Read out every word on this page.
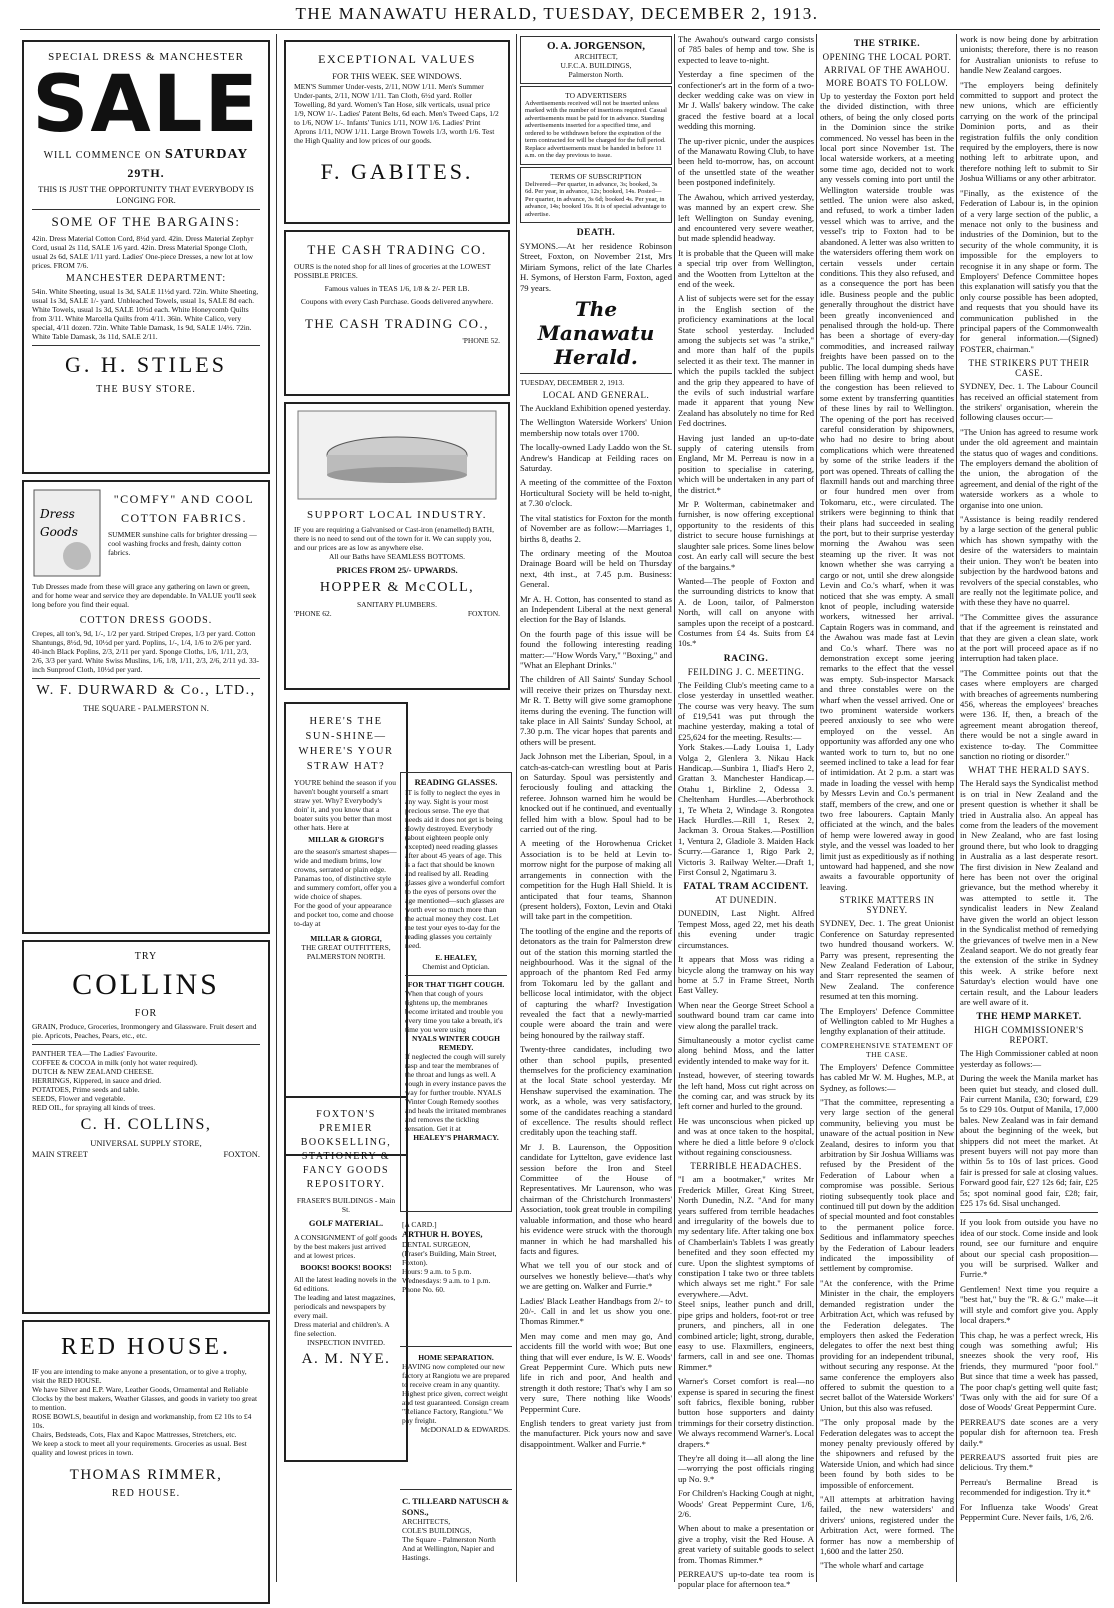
THE MANAWATU HERALD, TUESDAY, DECEMBER 2, 1913.
SPECIAL DRESS & MANCHESTER
SALE
WILL COMMENCE ON SATURDAY
29TH.
THIS IS JUST THE OPPORTUNITY THAT EVERYBODY IS LONGING FOR.
SOME OF THE BARGAINS:
42in. Dress Material Cotton Cord, 8½d yard. 42in. Dress Material Zephyr Cord, usual 2s 11d, SALE 1/6 yard. 42in. Dress Material Sponge Cloth, usual 2s 6d, SALE 1/11 yard. Ladies' One-piece Dresses, a new lot at low prices. FROM 7/6.
MANCHESTER DEPARTMENT:
54in. White Sheeting, usual 1s 3d, SALE 11½d yard. 72in. White Sheeting, usual 1s 3d, SALE 1/- yard. Unbleached Towels, usual 1s, SALE 8d each. White Towels, usual 1s 3d, SALE 10½d each. White Honeycomb Quilts from 3/11. White Marcella Quilts from 4/11. 36in. White Calico, very special, 4/11 dozen. 72in. White Table Damask, 1s 9d, SALE 1/4½. 72in. White Table Damask, 3s 11d, SALE 2/11.
G. H. STILES
THE BUSY STORE.
Dress
Goods
"COMFY" AND COOL
COTTON FABRICS.
SUMMER sunshine calls for brighter dressing — cool washing frocks and fresh, dainty cotton fabrics.
Tub Dresses made from these will grace any gathering on lawn or green, and for home wear and service they are dependable. In VALUE you'll seek long before you find their equal.
COTTON DRESS GOODS.
Crepes, all ton's, 9d, 1/-, 1/2 per yard. Striped Crepes, 1/3 per yard. Cotton Shantungs, 8½d, 9d, 10½d per yard. Poplins, 1/-, 1/4, 1/6 to 2/6 per yard. 40-inch Black Poplins, 2/3, 2/11 per yard. Sponge Cloths, 1/6, 1/11, 2/3, 2/6, 3/3 per yard. White Swiss Muslins, 1/6, 1/8, 1/11, 2/3, 2/6, 2/11 yd. 33-inch Sunproof Cloth, 10½d per yard.
W. F. DURWARD & Co., LTD.,
THE SQUARE - PALMERSTON N.
TRY
COLLINS
FOR
GRAIN, Produce, Groceries, Ironmongery and Glassware. Fruit desert and pie. Apricots, Peaches, Pears, etc., etc.
PANTHER TEA—The Ladies' Favourite.
COFFEE & COCOA in milk (only hot water required).
DUTCH & NEW ZEALAND CHEESE.
HERRINGS, Kippered, in sauce and dried.
POTATOES, Prime seeds and table.
SEEDS, Flower and vegetable.
RED OIL, for spraying all kinds of trees.
C. H. COLLINS,
UNIVERSAL SUPPLY STORE,
MAIN STREET	FOXTON.
RED HOUSE.
IF you are intending to make anyone a presentation, or to give a trophy, visit the RED HOUSE.
We have Silver and E.P. Ware, Leather Goods, Ornamental and Reliable Clocks by the best makers, Weather Glasses, and goods in variety too great to mention.
ROSE BOWLS, beautiful in design and workmanship, from £2 10s to £4 10s.
Chairs, Bedsteads, Cots, Flax and Kapoc Mattresses, Stretchers, etc.
We keep a stock to meet all your requirements. Groceries as usual. Best quality and lowest prices in town.
THOMAS RIMMER,
RED HOUSE.
EXCEPTIONAL VALUES
FOR THIS WEEK. SEE WINDOWS.
MEN'S Summer Under-vests, 2/11, NOW 1/11. Men's Summer Under-pants, 2/11, NOW 1/11. Tan Cloth, 6½d yard. Roller Towelling, 8d yard. Women's Tan Hose, silk verticals, usual price 1/9, NOW 1/-. Ladies' Patent Belts, 6d each. Men's Tweed Caps, 1/2 to 1/6, NOW 1/-. Infants' Tunics 1/11, NOW 1/6. Ladies' Print Aprons 1/11, NOW 1/11. Large Brown Towels 1/3, worth 1/6. Test the High Quality and low prices of our goods.
F. GABITES.
THE CASH TRADING CO.
OURS is the noted shop for all lines of groceries at the LOWEST POSSIBLE PRICES.
Famous values in TEAS 1/6, 1/8 & 2/- PER LB.
Coupons with every Cash Purchase. Goods delivered anywhere.
THE CASH TRADING CO.,
'PHONE 52.
SUPPORT LOCAL INDUSTRY.
IF you are requiring a Galvanised or Cast-iron (enamelled) BATH, there is no need to send out of the town for it. We can supply you, and our prices are as low as anywhere else.
All our Baths have SEAMLESS BOTTOMS.
PRICES FROM 25/- UPWARDS.
HOPPER & McCOLL,
SANITARY PLUMBERS.
'PHONE 62.	FOXTON.
HERE'S THE SUN-SHINE— WHERE'S YOUR STRAW HAT?
YOU'RE behind the season if you haven't bought yourself a smart straw yet. Why? Everybody's doin' it, and you know that a boater suits you better than most other hats. Here at
MILLAR & GIORGI'S
are the season's smartest shapes—wide and medium brims, low crowns, serrated or plain edge.
Panamas too, of distinctive style and summery comfort, offer you a wide choice of shapes.
For the good of your appearance and pocket too, come and choose to-day at
MILLAR & GIORGI,
THE GREAT OUTFITTERS,
PALMERSTON NORTH.
FOXTON'S PREMIER BOOKSELLING, STATIONERY & FANCY GOODS REPOSITORY.
FRASER'S BUILDINGS - Main St.
GOLF MATERIAL.
A CONSIGNMENT of golf goods by the best makers just arrived and at lowest prices.
BOOKS! BOOKS! BOOKS!
All the latest leading novels in the 6d editions.
The leading and latest magazines, periodicals and newspapers by every mail.
Dress material and children's. A fine selection.
INSPECTION INVITED.
A. M. NYE.
READING GLASSES.
IT is folly to neglect the eyes in any way. Sight is your most precious sense. The eye that needs aid it does not get is being slowly destroyed. Everybody (about eighteen people only excepted) need reading glasses after about 45 years of age. This is a fact that should be known and realised by all. Reading glasses give a wonderful comfort to the eyes of persons over the age mentioned—such glasses are worth ever so much more than the actual money they cost. Let me test your eyes to-day for the reading glasses you certainly need.
E. HEALEY,
Chemist and Optician.
FOR THAT TIGHT COUGH.
When that cough of yours tightens up, the membranes become irritated and trouble you every time you take a breath, it's time you were using
NYALS WINTER COUGH REMEDY.
If neglected the cough will surely rasp and tear the membranes of the throat and lungs as well. A cough in every instance paves the way for further trouble. NYALS Winter Cough Remedy soothes and heals the irritated membranes and removes the tickling sensation. Get it at
HEALEY'S PHARMACY.
[A CARD.]
ARTHUR H. BOYES,
DENTAL SURGEON,
(Fraser's Building, Main Street, Foxton).
Hours: 9 a.m. to 5 p.m. Wednesdays: 9 a.m. to 1 p.m.
Phone No. 60.
HOME SEPARATION.
HAVING now completed our new factory at Rangiotu we are prepared to receive cream in any quantity. Highest price given, correct weight and test guaranteed. Consign cream "Reliance Factory, Rangiotu." We pay freight.
McDONALD & EDWARDS.
C. TILLEARD NATUSCH & SONS.,
ARCHITECTS,
COLE'S BUILDINGS,
The Square - Palmerston North
And at Wellington, Napier and Hastings.
O. A. JORGENSON,
ARCHITECT,
U.F.C.A. BUILDINGS,
Palmerston North.
TO ADVERTISERS
Advertisements received will not be inserted unless marked with the number of insertions required. Casual advertisements must be paid for in advance. Standing advertisements inserted for a specified time, and ordered to be withdrawn before the expiration of the term contracted for will be charged for the full period. Replace advertisements must be handed in before 11 a.m. on the day previous to issue.
TERMS OF SUBSCRIPTION
Delivered—Per quarter, in advance, 3s; booked, 3s 6d. Per year, in advance, 12s; booked, 14s. Posted—Per quarter, in advance, 3s 6d; booked 4s. Per year, in advance, 14s; booked 16s. It is of special advantage to advertise.
DEATH.
SYMONS.—At her residence Robinson Street, Foxton, on November 21st, Mrs Miriam Symons, relict of the late Charles H. Symons, of Herston Farm, Foxton, aged 79 years.
The Manawatu Herald.
TUESDAY, DECEMBER 2, 1913.
LOCAL AND GENERAL.

The Auckland Exhibition opened yesterday.

The Wellington Waterside Workers' Union membership now totals over 1700.

The locally-owned Lady Laddo won the St. Andrew's Handicap at Feilding races on Saturday.

A meeting of the committee of the Foxton Horticultural Society will be held to-night, at 7.30 o'clock.

The vital statistics for Foxton for the month of November are as follow:—Marriages 1, births 8, deaths 2.

The ordinary meeting of the Moutoa Drainage Board will be held on Thursday next, 4th inst., at 7.45 p.m. Business: General.

Mr A. H. Cotton, has consented to stand as an Independent Liberal at the next general election for the Bay of Islands.

On the fourth page of this issue will be found the following interesting reading matter:—"How Words Vary," "Boxing," and "What an Elephant Drinks."

The children of All Saints' Sunday School will receive their prizes on Thursday next. Mr R. T. Betty will give some gramophone items during the evening. The function will take place in All Saints' Sunday School, at 7.30 p.m. The vicar hopes that parents and others will be present.

Jack Johnson met the Liberian, Spoul, in a catch-as-catch-can wrestling bout at Paris on Saturday. Spoul was persistently and ferociously fouling and attacking the referee. Johnson warned him he would be knocked out if he continued, and eventually felled him with a blow. Spoul had to be carried out of the ring.

A meeting of the Horowhenua Cricket Association is to be held at Levin to-morrow night for the purpose of making all arrangements in connection with the competition for the Hugh Hall Shield. It is anticipated that four teams, Shannon (present holders), Foxton, Levin and Otaki will take part in the competition.

The tootling of the engine and the reports of detonators as the train for Palmerston drew out of the station this morning startled the neighbourhood. Was it the signal of the approach of the phantom Red Fed army from Tokomaru led by the gallant and bellicose local intimidator, with the object of capturing the wharf? Investigation revealed the fact that a newly-married couple were aboard the train and were being honoured by the railway staff.

Twenty-three candidates, including two other than school pupils, presented themselves for the proficiency examination at the local State school yesterday. Mr Henshaw supervised the examination. The work, as a whole, was very satisfactory, some of the candidates reaching a standard of excellence. The results should reflect creditably upon the teaching staff.

Mr J. B. Laurenson, the Opposition candidate for Lyttelton, gave evidence last session before the Iron and Steel Committee of the House of Representatives. Mr Laurenson, who was chairman of the Christchurch Ironmasters' Association, took great trouble in compiling valuable information, and those who heard his evidence were struck with the thorough manner in which he had marshalled his facts and figures.

What we tell you of our stock and of ourselves we honestly believe—that's why we are getting on. Walker and Furrie.*

Ladies' Black Leather Handbags from 2/- to 20/-. Call in and let us show you one. Thomas Rimmer.*

Men may come and men may go, And accidents fill the world with woe; But one thing that will ever endure, Is W. E. Woods' Great Peppermint Cure. Which puts new life in rich and poor, And health and strength it doth restore; That's why I am so very sure, There nothing like Woods' Peppermint Cure.

English tenders to great variety just from the manufacturer. Pick yours now and save disappointment. Walker and Furrie.*

The Awahou's outward cargo consists of 785 bales of hemp and tow. She is expected to leave to-night.

Yesterday a fine specimen of the confectioner's art in the form of a two-decker wedding cake was on view in Mr J. Walls' bakery window. The cake graced the festive board at a local wedding this morning.

The up-river picnic, under the auspices of the Manawatu Rowing Club, to have been held to-morrow, has, on account of the unsettled state of the weather been postponed indefinitely.

The Awahou, which arrived yesterday, was manned by an expert crew. She left Wellington on Sunday evening, and encountered very severe weather, but made splendid headway.

It is probable that the Queen will make a special trip over from Wellington, and the Wootten from Lyttelton at the end of the week.

A list of subjects were set for the essay in the English section of the proficiency examinations at the local State school yesterday. Included among the subjects set was "a strike," and more than half of the pupils selected it as their text. The manner in which the pupils tackled the subject and the grip they appeared to have of the evils of such industrial warfare made it apparent that young New Zealand has absolutely no time for Red Fed doctrines.

Having just landed an up-to-date supply of catering utensils from England, Mr M. Perreau is now in a position to specialise in catering, which will be undertaken in any part of the district.*

Mr P. Wolterman, cabinetmaker and furnisher, is now offering exceptional opportunity to the residents of this district to secure house furnishings at slaughter sale prices. Some lines below cost. An early call will secure the best of the bargains.*

Wanted—The people of Foxton and the surrounding districts to know that A. de Loon, tailor, of Palmerston North, will call on anyone with samples upon the receipt of a postcard. Costumes from £4 4s. Suits from £4 10s.*

RACING.
FEILDING J. C. MEETING.
The Feilding Club's meeting came to a close yesterday in unsettled weather. The course was very heavy. The sum of £19,541 was put through the machine yesterday, making a total of £25,624 for the meeting. Results:—
York Stakes.—Lady Louisa 1, Lady Volga 2, Glenlera 3. Nikau Hack Handicap.—Sunbira 1, Iliad's Hero 2, Grattan 3. Manchester Handicap.—Otahu 1, Birkline 2, Odessa 3. Cheltenham Hurdles.—Aberbrothock 1, Te Wheta 2, Windage 3. Rongotea Hack Hurdles.—Rill 1, Resex 2, Jackman 3. Oroua Stakes.—Postillion 1, Ventura 2, Gladiole 3. Maiden Hack Scurry.—Garance 1, Rigo Park 2, Victoris 3. Railway Welter.—Draft 1, First Consul 2, Ngatimaru 3.
FATAL TRAM ACCIDENT.
AT DUNEDIN.

DUNEDIN, Last Night. Alfred Tempest Moss, aged 22, met his death this evening under tragic circumstances.

It appears that Moss was riding a bicycle along the tramway on his way home at 5.7 in Frame Street, North East Valley.

When near the George Street School a southward bound tram car came into view along the parallel track.

Simultaneously a motor cyclist came along behind Moss, and the latter evidently intended to make way for it.

Instead, however, of steering towards the left hand, Moss cut right across on the coming car, and was struck by its left corner and hurled to the ground.

He was unconscious when picked up and was at once taken to the hospital, where he died a little before 9 o'clock without regaining consciousness.

TERRIBLE HEADACHES.
"I am a bootmaker," writes Mr Frederick Miller, Great King Street, North Dunedin, N.Z. "And for many years suffered from terrible headaches and irregularity of the bowels due to my sedentary life. After taking one box of Chamberlain's Tablets I was greatly benefited and they soon effected my cure. Upon the slightest symptoms of constipation I take two or three tablets which always set me right." For sale everywhere.—Advt.

Steel snips, leather punch and drill, pipe grips and holders, foot-rot or tree pruners, and pinchers, all in one combined article; light, strong, durable, easy to use. Flaxmillers, engineers, farmers, call in and see one. Thomas Rimmer.*

Warner's Corset comfort is real—no expense is spared in securing the finest soft fabrics, flexible boning, rubber button hose supporters and dainty trimmings for their corsetry distinction. We always recommend Warner's. Local drapers.*

They're all doing it—all along the line—worrying the post officials ringing up No. 9.*

For Children's Hacking Cough at night, Woods' Great Peppermint Cure, 1/6, 2/6.

When about to make a presentation or give a trophy, visit the Red House. A great variety of suitable goods to select from. Thomas Rimmer.*

PERREAU'S up-to-date tea room is popular place for afternoon tea.*

THE STRIKE.
OPENING THE LOCAL PORT.
ARRIVAL OF THE AWAHOU.
MORE BOATS TO FOLLOW.
Up to yesterday the Foxton port held the divided distinction, with three others, of being the only closed ports in the Dominion since the strike commenced. No vessel has been in the local port since November 1st. The local waterside workers, at a meeting some time ago, decided not to work any vessels coming into port until the Wellington waterside trouble was settled. The union were also asked, and refused, to work a timber laden vessel which was to arrive, and the vessel's trip to Foxton had to be abandoned. A letter was also written to the watersiders offering them work on certain vessels under certain conditions. This they also refused, and as a consequence the port has been idle. Business people and the public generally throughout the district have been greatly inconvenienced and penalised through the hold-up. There has been a shortage of every-day commodities, and increased railway freights have been passed on to the public. The local dumping sheds have been filling with hemp and wool, but the congestion has been relieved to some extent by transferring quantities of these lines by rail to Wellington. The opening of the port has received careful consideration by shipowners, who had no desire to bring about complications which were threatened by some of the strike leaders if the port was opened. Threats of calling the flaxmill hands out and marching three or four hundred men over from Tokomaru, etc., were circulated. The strikers were beginning to think that their plans had succeeded in sealing the port, but to their surprise yesterday morning the Awahou was seen steaming up the river. It was not known whether she was carrying a cargo or not, until she drew alongside Levin and Co.'s wharf, when it was noticed that she was empty. A small knot of people, including waterside workers, witnessed her arrival. Captain Rogers was in command, and the Awahou was made fast at Levin and Co.'s wharf. There was no demonstration except some jeering remarks to the effect that the vessel was empty. Sub-inspector Marsack and three constables were on the wharf when the vessel arrived. One or two prominent waterside workers peered anxiously to see who were employed on the vessel. An opportunity was afforded any one who wanted work to turn to, but no one seemed inclined to take a lead for fear of intimidation. At 2 p.m. a start was made in loading the vessel with hemp by Messrs Levin and Co.'s permanent staff, members of the crew, and one or two free labourers. Captain Manly officiated at the winch, and the bales of hemp were lowered away in good style, and the vessel was loaded to her limit just as expeditiously as if nothing untoward had happened, and she now awaits a favourable opportunity of leaving.
STRIKE MATTERS IN SYDNEY.

SYDNEY, Dec. 1. The great Unionist Conference on Saturday represented two hundred thousand workers. W. Parry was present, representing the New Zealand Federation of Labour, and Starr represented the seamen of New Zealand. The conference resumed at ten this morning.

The Employers' Defence Committee of Wellington cabled to Mr Hughes a lengthy explanation of their attitude.

COMPREHENSIVE STATEMENT OF THE CASE.

The Employers' Defence Committee has cabled Mr W. M. Hughes, M.P., at Sydney, as follows:—

"That the committee, representing a very large section of the general community, believing you must be unaware of the actual position in New Zealand, desires to inform you that arbitration by Sir Joshua Williams was refused by the President of the Federation of Labour when a compromise was possible. Serious rioting subsequently took place and continued till put down by the addition of special mounted and foot constables to the permanent police force. Seditious and inflammatory speeches by the Federation of Labour leaders indicated the impossibility of settlement by compromise.

"At the conference, with the Prime Minister in the chair, the employers demanded registration under the Arbitration Act, which was refused by the Federation delegates. The employers then asked the Federation delegates to offer the next best thing providing for an independent tribunal, without securing any response. At the same conference the employers also offered to submit the question to a secret ballot of the Waterside Workers' Union, but this also was refused.

"The only proposal made by the Federation delegates was to accept the money penalty previously offered by the shipowners and refused by the Waterside Union, and which had since been found by both sides to be impossible of enforcement.

"All attempts at arbitration having failed, the new watersiders' and drivers' unions, registered under the Arbitration Act, were formed. The former has now a membership of 1,600 and the latter 250.

"The whole wharf and cartage

work is now being done by arbitration unionists; therefore, there is no reason for Australian unionists to refuse to handle New Zealand cargoes.

"The employers being definitely committed to support and protect the new unions, which are efficiently carrying on the work of the principal Dominion ports, and as their registration fulfils the only condition required by the employers, there is now nothing left to arbitrate upon, and therefore nothing left to submit to Sir Joshua Williams or any other arbitrator.

"Finally, as the existence of the Federation of Labour is, in the opinion of a very large section of the public, a menace not only to the business and industries of the Dominion, but to the security of the whole community, it is impossible for the employers to recognise it in any shape or form. The Employers' Defence Committee hopes this explanation will satisfy you that the only course possible has been adopted, and requests that you should have its communication published in the principal papers of the Commonwealth for general information.—(Signed) FOSTER, chairman."

THE STRIKERS PUT THEIR CASE.

SYDNEY, Dec. 1. The Labour Council has received an official statement from the strikers' organisation, wherein the following clauses occur:—

"The Union has agreed to resume work under the old agreement and maintain the status quo of wages and conditions. The employers demand the abolition of the union, the abrogation of the agreement, and denial of the right of the waterside workers as a whole to organise into one union.

"Assistance is being readily rendered by a large section of the general public which has shown sympathy with the desire of the watersiders to maintain their union. They won't be beaten into subjection by the hardwood batons and revolvers of the special constables, who are really not the legitimate police, and with these they have no quarrel.

"The Committee gives the assurance that if the agreement is reinstated and that they are given a clean slate, work at the port will proceed apace as if no interruption had taken place.

"The Committee points out that the cases where employers are charged with breaches of agreements numbering 456, whereas the employees' breaches were 136. If, then, a breach of the agreement meant abrogation thereof, there would be not a single award in existence to-day. The Committee sanction no rioting or disorder."

WHAT THE HERALD SAYS.
The Herald says the Syndicalist method is on trial in New Zealand and the present question is whether it shall be tried in Australia also. An appeal has come from the leaders of the movement in New Zealand, who are fast losing ground there, but who look to dragging in Australia as a last desperate resort. The first division in New Zealand and here has been not over the original grievance, but the method whereby it was attempted to settle it. The syndicalist leaders in New Zealand have given the world an object lesson in the Syndicalist method of remedying the grievances of twelve men in a New Zealand seaport. We do not greatly fear the extension of the strike in Sydney this week. A strike before next Saturday's election would have one certain result, and the Labour leaders are well aware of it.
THE HEMP MARKET.
HIGH COMMISSIONER'S REPORT.

The High Commissioner cabled at noon yesterday as follows:—

During the week the Manila market has been quiet but steady, and closed dull. Fair current Manila, £30; forward, £29 5s to £29 10s. Output of Manila, 17,000 bales. New Zealand was in fair demand about the beginning of the week, but shippers did not meet the market. At present buyers will not pay more than within 5s to 10s of last prices. Good fair is pressed for sale at closing values. Forward good fair, £27 12s 6d; fair, £25 5s; spot nominal good fair, £28; fair, £25 17s 6d. Sisal unchanged.

If you look from outside you have no idea of our stock. Come inside and look round, see our furniture and enquire about our special cash proposition—you will be surprised. Walker and Furrie.*

Gentlemen! Next time you require a "best hat," buy the "R. & G." make—it will style and comfort give you. Apply local drapers.*

This chap, he was a perfect wreck, His cough was something awful; His sneezes shook the very roof, His friends, they murmured "poor fool." But since that time a week has passed, The poor chap's getting well quite fast; 'Twas only with the aid for sure Of a dose of Woods' Great Peppermint Cure.

PERREAU'S date scones are a very popular dish for afternoon tea. Fresh daily.*

PERREAU'S assorted fruit pies are delicious. Try them.*

Perreau's Bermaline Bread is recommended for indigestion. Try it.*

For Influenza take Woods' Great Peppermint Cure. Never fails, 1/6, 2/6.
